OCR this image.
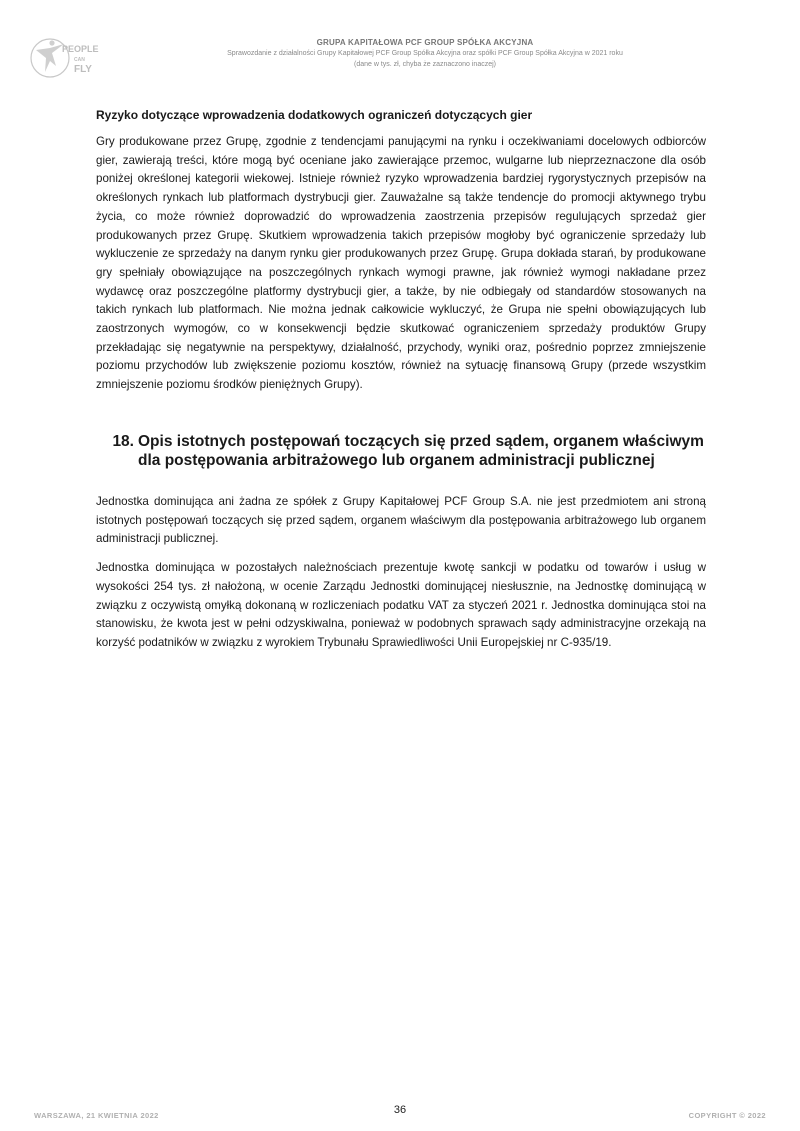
PEOPLE
CAN
FLY
GRUPA KAPITAŁOWA PCF GROUP SPÓŁKA AKCYJNA
Sprawozdanie z działalności Grupy Kapitałowej PCF Group Spółka Akcyjna oraz spółki PCF Group Spółka Akcyjna w 2021 roku
(dane w tys. zł, chyba że zaznaczono inaczej)
Ryzyko dotyczące wprowadzenia dodatkowych ograniczeń dotyczących gier

Gry produkowane przez Grupę, zgodnie z tendencjami panującymi na rynku i oczekiwaniami docelowych odbiorców gier, zawierają treści, które mogą być oceniane jako zawierające przemoc, wulgarne lub nieprzeznaczone dla osób poniżej określonej kategorii wiekowej. Istnieje również ryzyko wprowadzenia bardziej rygorystycznych przepisów na określonych rynkach lub platformach dystrybucji gier. Zauważalne są także tendencje do promocji aktywnego trybu życia, co może również doprowadzić do wprowadzenia zaostrzenia przepisów regulujących sprzedaż gier produkowanych przez Grupę. Skutkiem wprowadzenia takich przepisów mogłoby być ograniczenie sprzedaży lub wykluczenie ze sprzedaży na danym rynku gier produkowanych przez Grupę. Grupa dokłada starań, by produkowane gry spełniały obowiązujące na poszczególnych rynkach wymogi prawne, jak również wymogi nakładane przez wydawcę oraz poszczególne platformy dystrybucji gier, a także, by nie odbiegały od standardów stosowanych na takich rynkach lub platformach. Nie można jednak całkowicie wykluczyć, że Grupa nie spełni obowiązujących lub zaostrzonych wymogów, co w konsekwencji będzie skutkować ograniczeniem sprzedaży produktów Grupy przekładając się negatywnie na perspektywy, działalność, przychody, wyniki oraz, pośrednio poprzez zmniejszenie poziomu przychodów lub zwiększenie poziomu kosztów, również na sytuację finansową Grupy (przede wszystkim zmniejszenie poziomu środków pieniężnych Grupy).

18. Opis istotnych postępowań toczących się przed sądem, organem właściwym dla postępowania arbitrażowego lub organem administracji publicznej

Jednostka dominująca ani żadna ze spółek z Grupy Kapitałowej PCF Group S.A. nie jest przedmiotem ani stroną istotnych postępowań toczących się przed sądem, organem właściwym dla postępowania arbitrażowego lub organem administracji publicznej.

Jednostka dominująca w pozostałych należnościach prezentuje kwotę sankcji w podatku od towarów i usług w wysokości 254 tys. zł nałożoną, w ocenie Zarządu Jednostki dominującej niesłusznie, na Jednostkę dominującą w związku z oczywistą omyłką dokonaną w rozliczeniach podatku VAT za styczeń 2021 r. Jednostka dominująca stoi na stanowisku, że kwota jest w pełni odzyskiwalna, ponieważ w podobnych sprawach sądy administracyjne orzekają na korzyść podatników w związku z wyrokiem Trybunału Sprawiedliwości Unii Europejskiej nr C-935/19.

WARSZAWA, 21 KWIETNIA 2022	36	COPYRIGHT © 2022
